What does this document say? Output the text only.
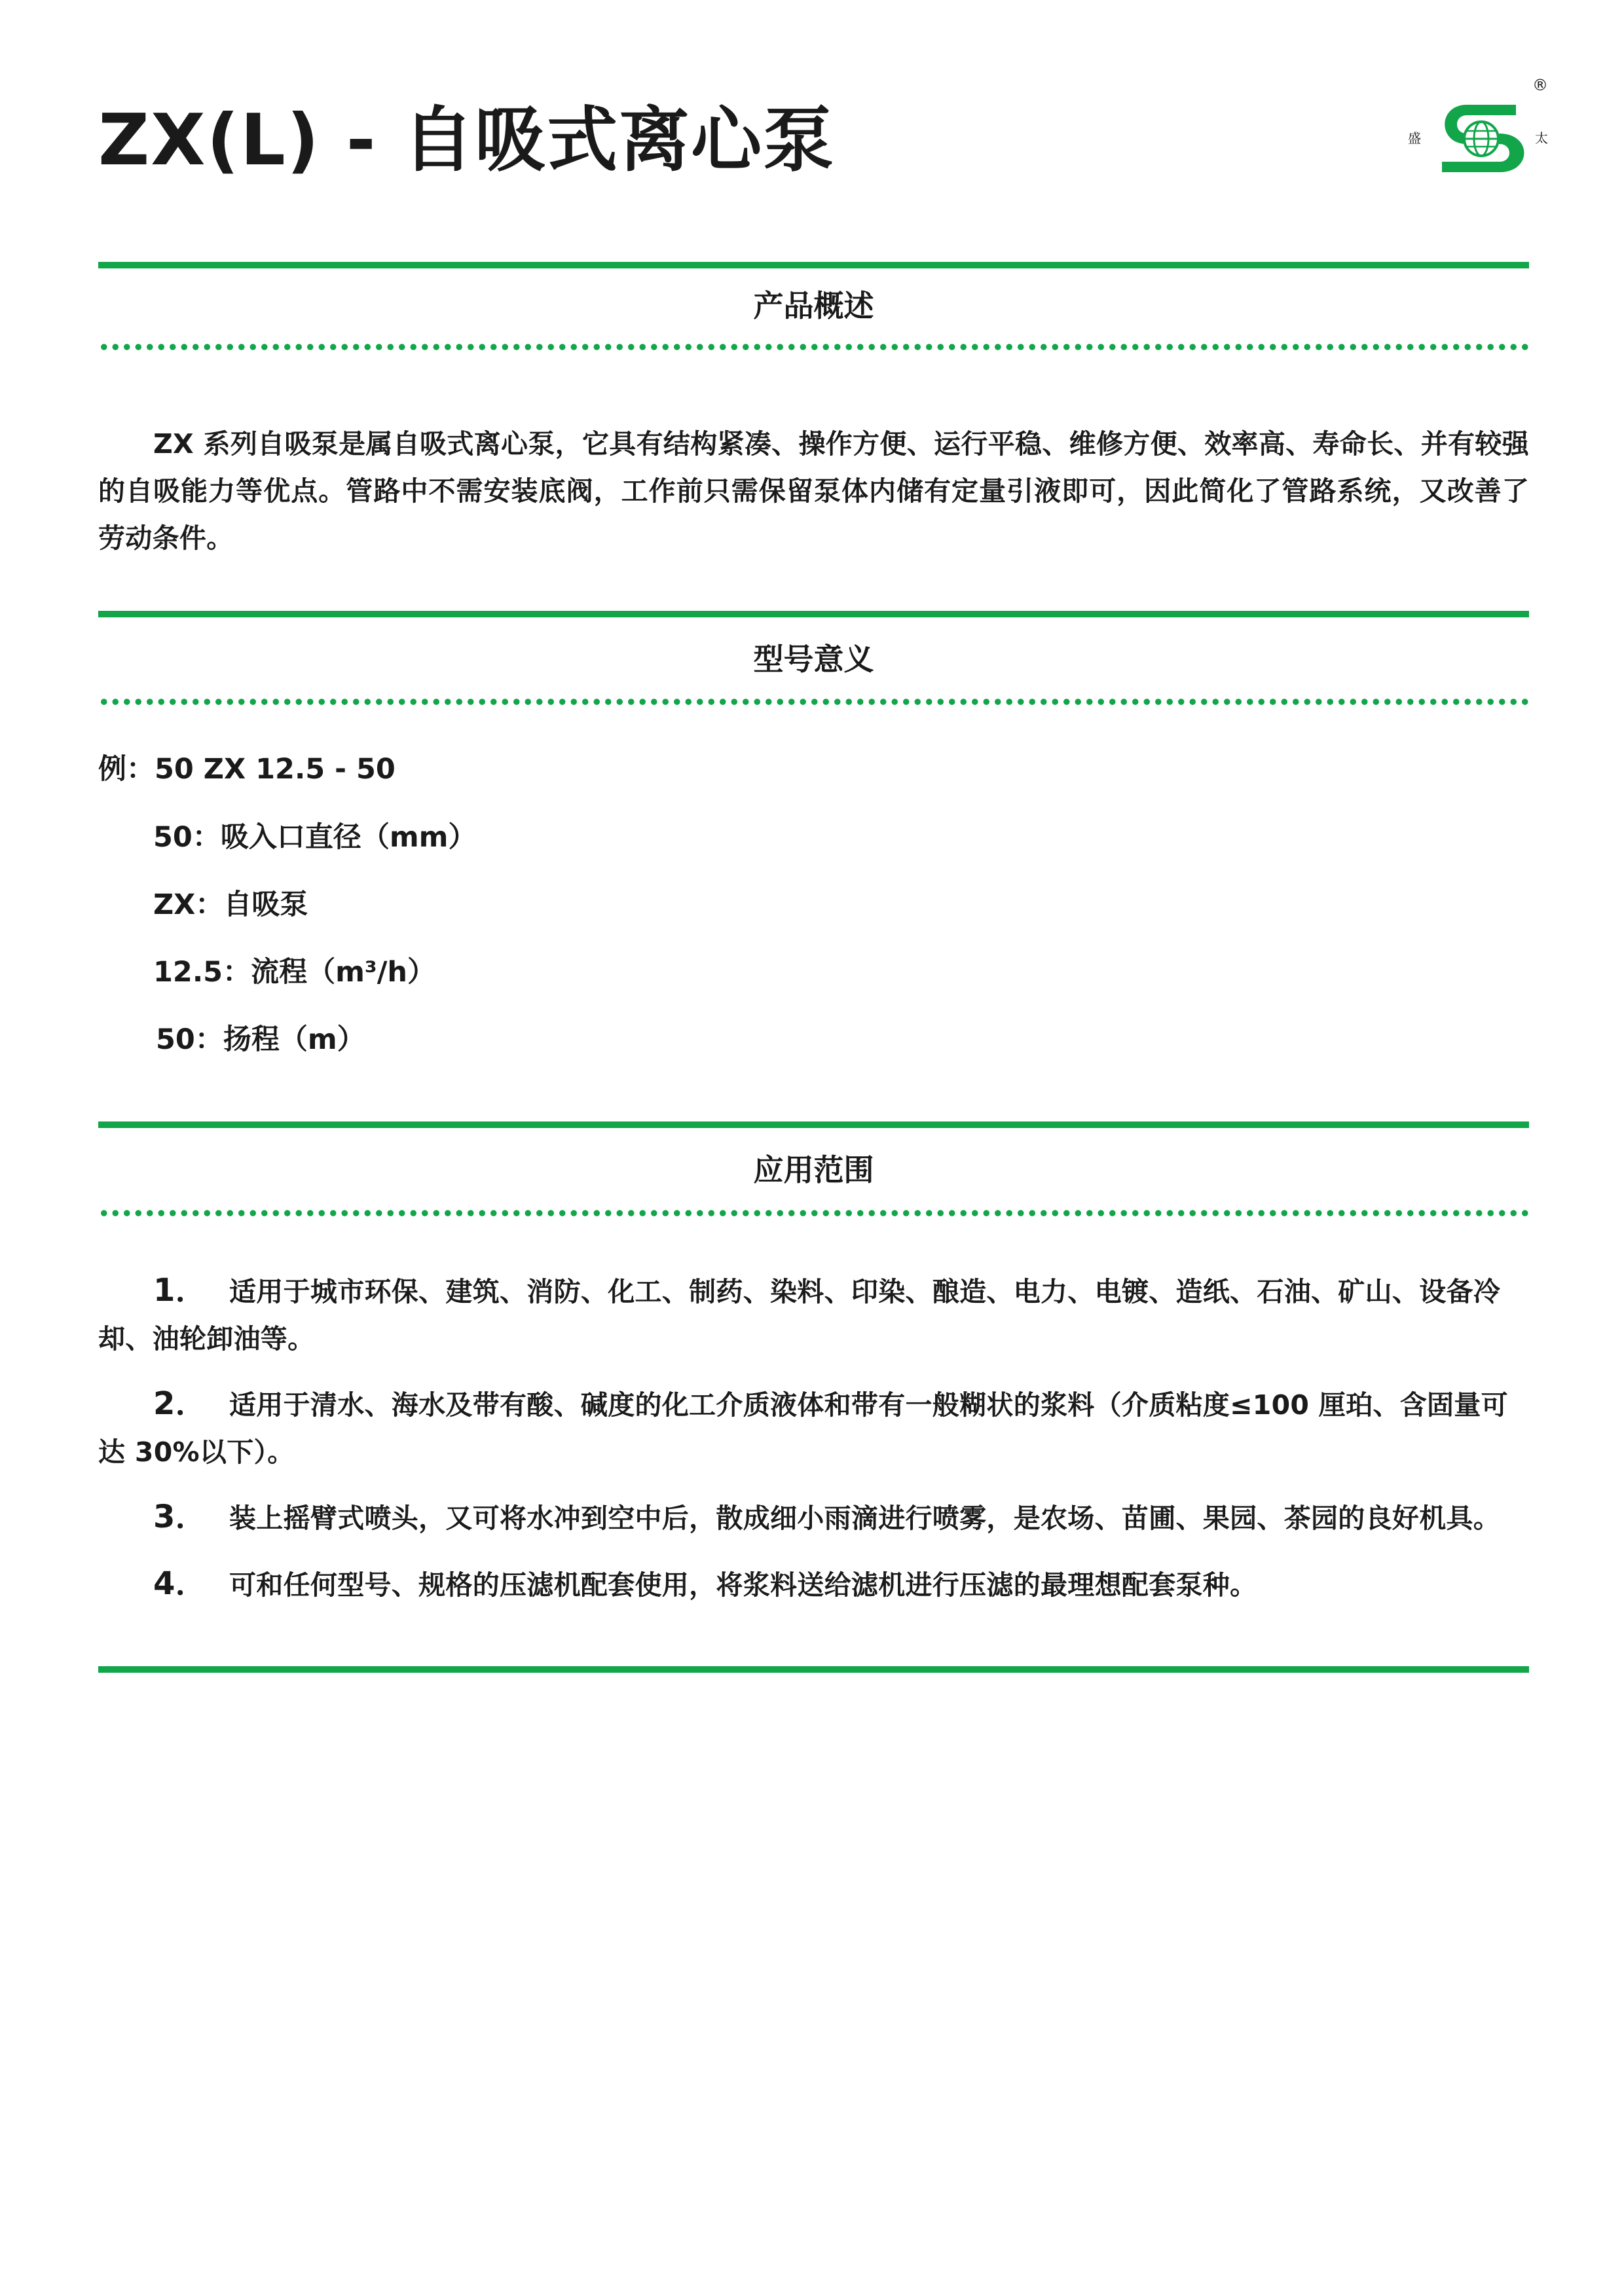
ZX(L) - 自吸式离心泵	盛	太
®
产品概述

ZX 系列自吸泵是属自吸式离心泵，它具有结构紧凑、操作方便、运行平稳、维修方便、效率高、寿命长、并有较强的自吸能力等优点。管路中不需安装底阀，工作前只需保留泵体内储有定量引液即可，因此简化了管路系统，又改善了劳动条件。

型号意义

例：50 ZX 12.5 - 50

50：吸入口直径（mm）

ZX：自吸泵

12.5：流程（m³/h）

50：扬程（m）

应用范围

1． 适用于城市环保、建筑、消防、化工、制药、染料、印染、酿造、电力、电镀、造纸、石油、矿山、设备冷却、油轮卸油等。

2． 适用于清水、海水及带有酸、碱度的化工介质液体和带有一般糊状的浆料（介质粘度≤100 厘珀、含固量可达 30%以下）。

3． 装上摇臂式喷头，又可将水冲到空中后，散成细小雨滴进行喷雾，是农场、苗圃、果园、茶园的良好机具。

4． 可和任何型号、规格的压滤机配套使用，将浆料送给滤机进行压滤的最理想配套泵种。
